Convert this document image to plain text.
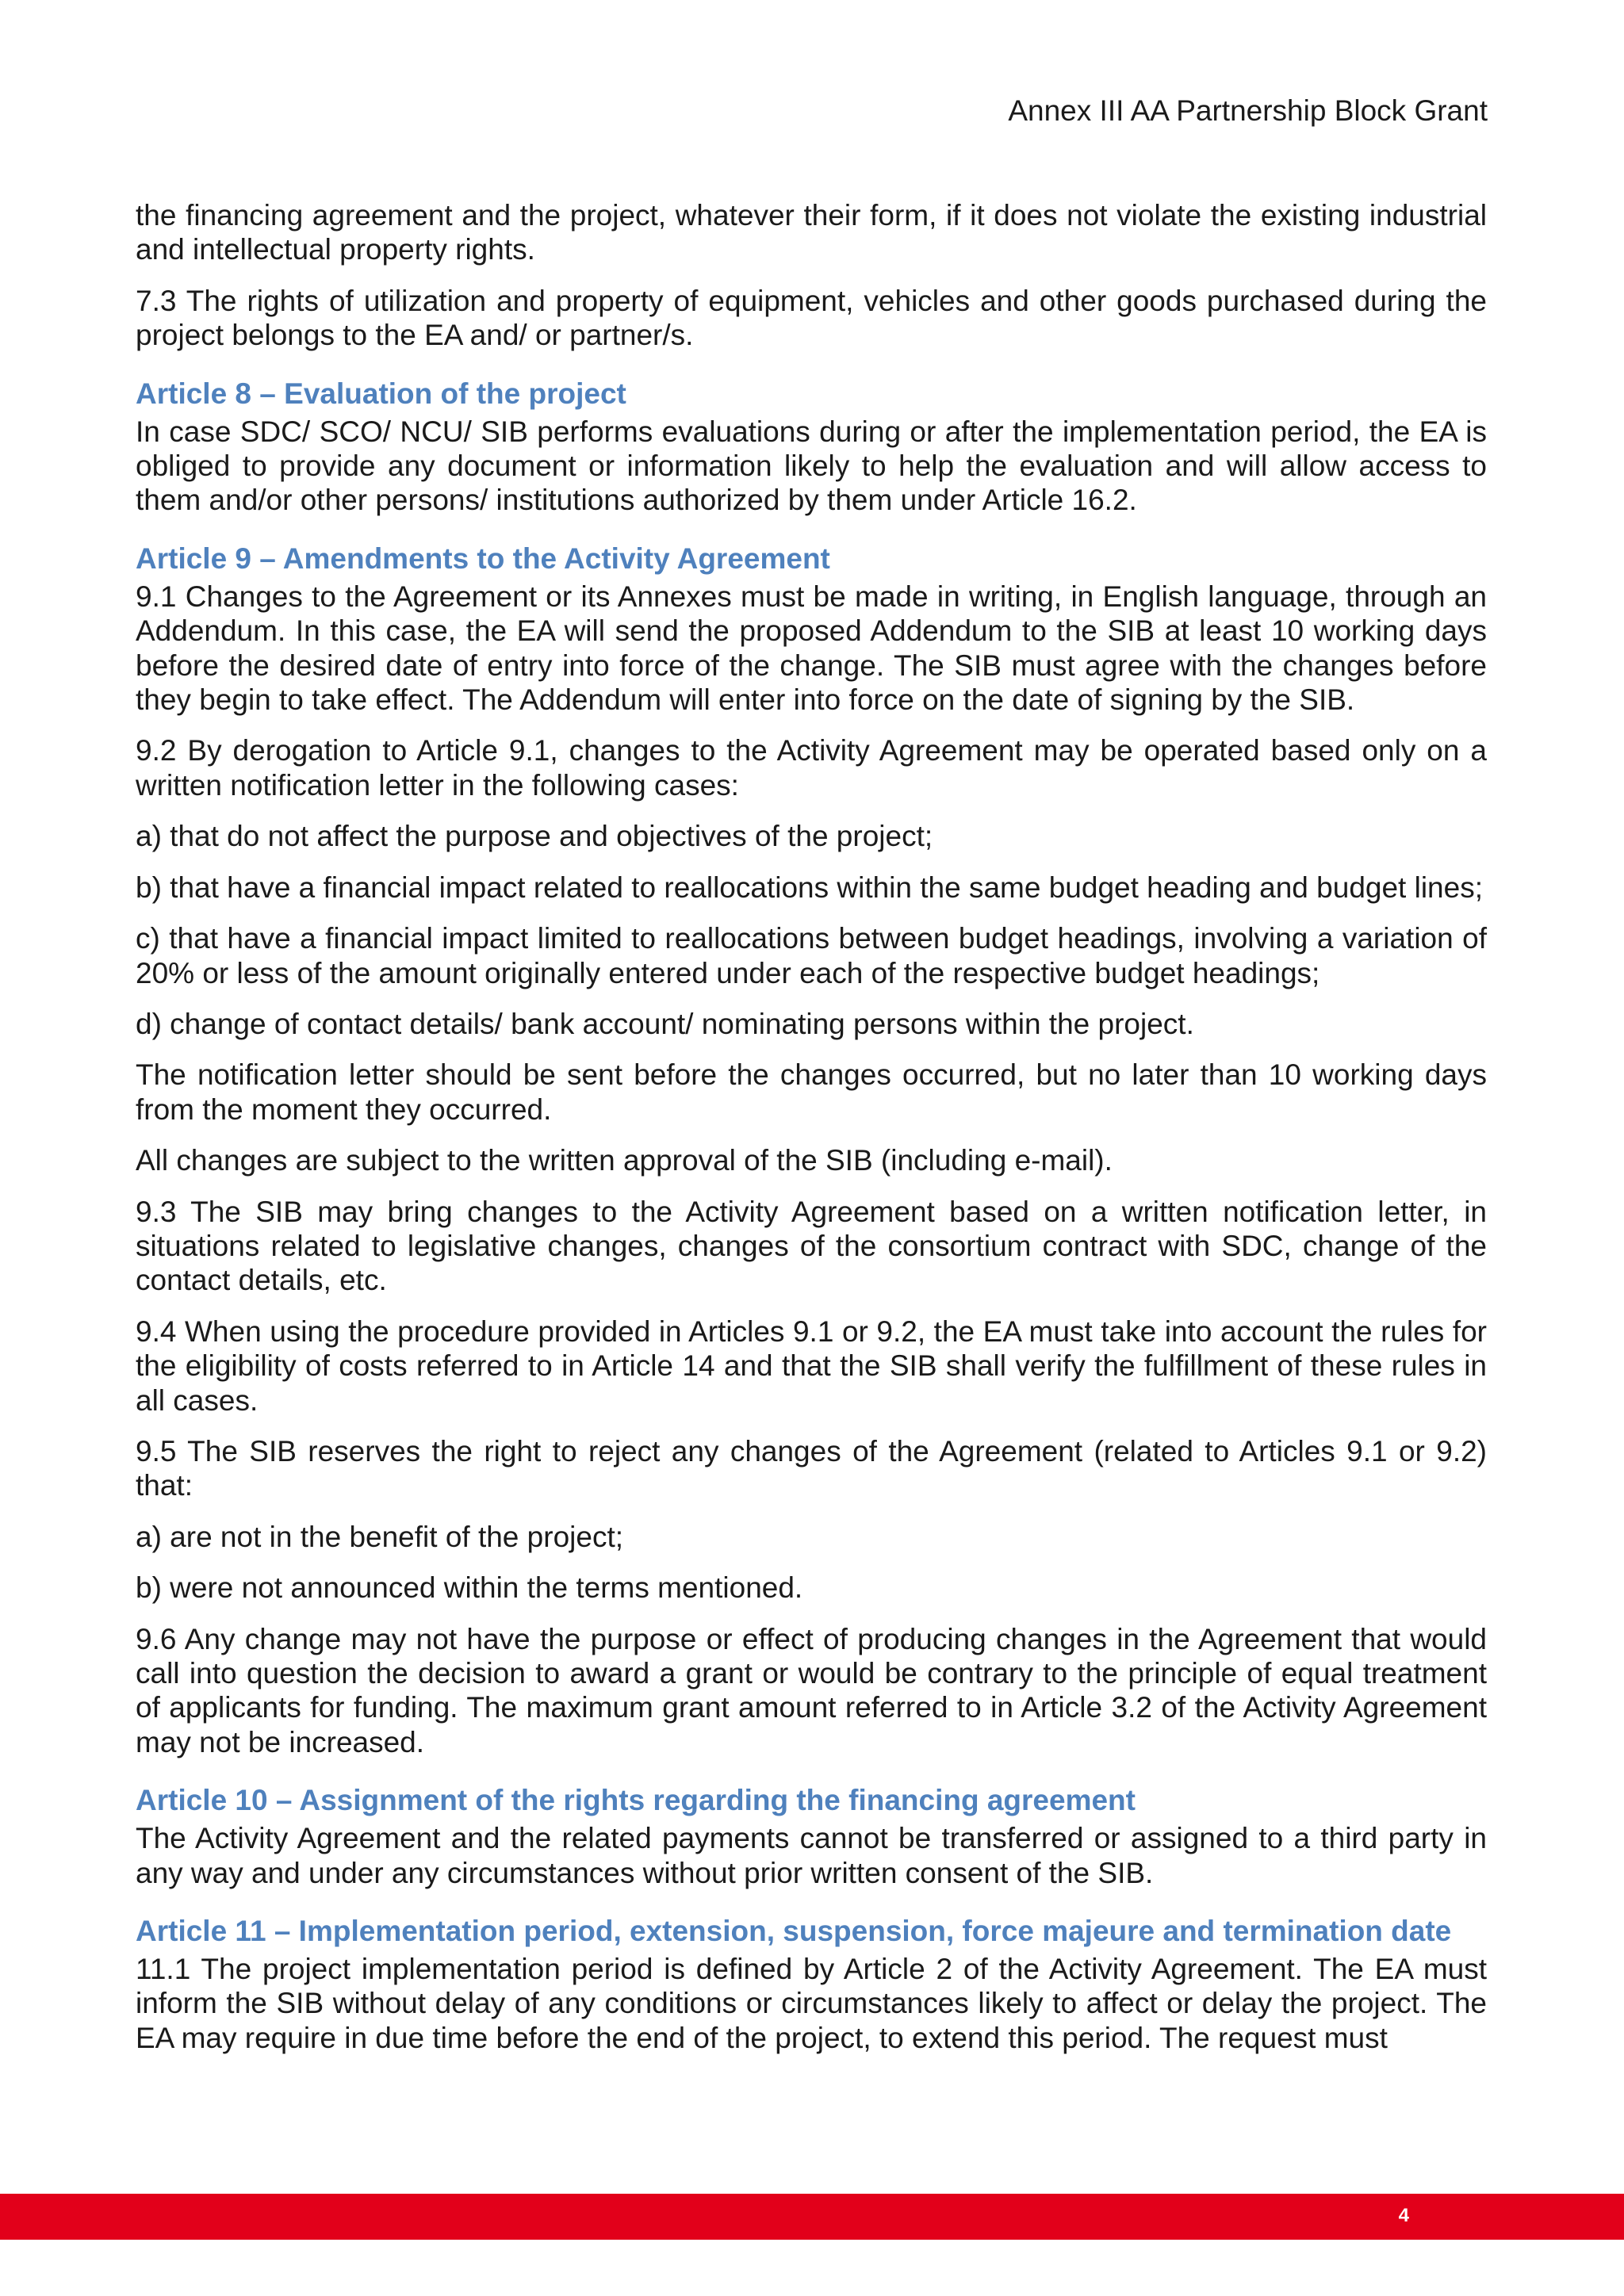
Annex III AA Partnership Block Grant

the financing agreement and the project, whatever their form, if it does not violate the existing industrial and intellectual property rights.

7.3 The rights of utilization and property of equipment, vehicles and other goods purchased during the project belongs to the EA and/ or partner/s.

Article 8 – Evaluation of the project

In case SDC/ SCO/ NCU/ SIB performs evaluations during or after the implementation period, the EA is obliged to provide any document or information likely to help the evaluation and will allow access to them and/or other persons/ institutions authorized by them under Article 16.2.

Article 9 – Amendments to the Activity Agreement

9.1 Changes to the Agreement or its Annexes must be made in writing, in English language, through an Addendum. In this case, the EA will send the proposed Addendum to the SIB at least 10 working days before the desired date of entry into force of the change. The SIB must agree with the changes before they begin to take effect. The Addendum will enter into force on the date of signing by the SIB.

9.2 By derogation to Article 9.1, changes to the Activity Agreement may be operated based only on a written notification letter in the following cases:

a) that do not affect the purpose and objectives of the project;

b) that have a financial impact related to reallocations within the same budget heading and budget lines;

c) that have a financial impact limited to reallocations between budget headings, involving a variation of 20% or less of the amount originally entered under each of the respective budget headings;

d) change of contact details/ bank account/ nominating persons within the project.

The notification letter should be sent before the changes occurred, but no later than 10 working days from the moment they occurred.

All changes are subject to the written approval of the SIB (including e-mail).

9.3 The SIB may bring changes to the Activity Agreement based on a written notification letter, in situations related to legislative changes, changes of the consortium contract with SDC, change of the contact details, etc.

9.4 When using the procedure provided in Articles 9.1 or 9.2, the EA must take into account the rules for the eligibility of costs referred to in Article 14 and that the SIB shall verify the fulfillment of these rules in all cases.

9.5 The SIB reserves the right to reject any changes of the Agreement (related to Articles 9.1 or 9.2) that:

a) are not in the benefit of the project;

b) were not announced within the terms mentioned.

9.6 Any change may not have the purpose or effect of producing changes in the Agreement that would call into question the decision to award a grant or would be contrary to the principle of equal treatment of applicants for funding. The maximum grant amount referred to in Article 3.2 of the Activity Agreement may not be increased.

Article 10 – Assignment of the rights regarding the financing agreement

The Activity Agreement and the related payments cannot be transferred or assigned to a third party in any way and under any circumstances without prior written consent of the SIB.

Article 11 – Implementation period, extension, suspension, force majeure and termination date

11.1 The project implementation period is defined by Article 2 of the Activity Agreement. The EA must inform the SIB without delay of any conditions or circumstances likely to affect or delay the project. The EA may require in due time before the end of the project, to extend this period. The request must

4
